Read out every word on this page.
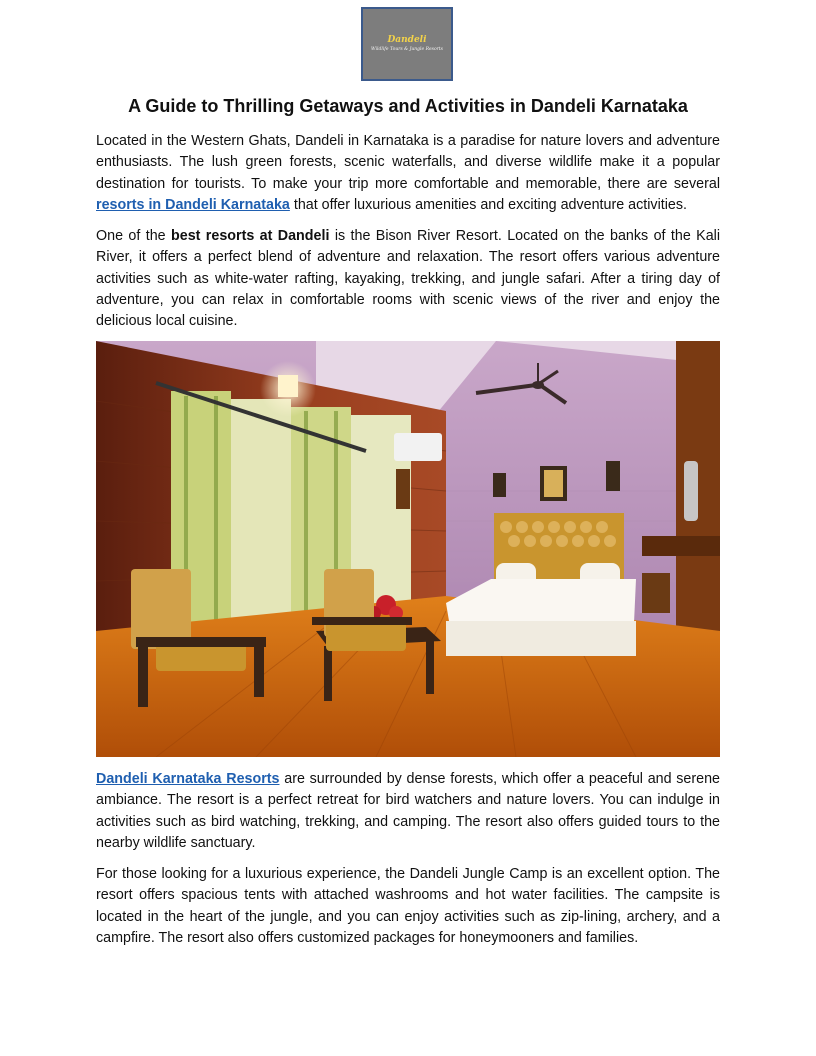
Dandeli
Wildlife Tours & Jungle Resorts
A Guide to Thrilling Getaways and Activities in Dandeli Karnataka

Located in the Western Ghats, Dandeli in Karnataka is a paradise for nature lovers and adventure enthusiasts. The lush green forests, scenic waterfalls, and diverse wildlife make it a popular destination for tourists. To make your trip more comfortable and memorable, there are several resorts in Dandeli Karnataka that offer luxurious amenities and exciting adventure activities.

One of the best resorts at Dandeli is the Bison River Resort. Located on the banks of the Kali River, it offers a perfect blend of adventure and relaxation. The resort offers various adventure activities such as white-water rafting, kayaking, trekking, and jungle safari. After a tiring day of adventure, you can relax in comfortable rooms with scenic views of the river and enjoy the delicious local cuisine.

Dandeli Karnataka Resorts are surrounded by dense forests, which offer a peaceful and serene ambiance. The resort is a perfect retreat for bird watchers and nature lovers. You can indulge in activities such as bird watching, trekking, and camping. The resort also offers guided tours to the nearby wildlife sanctuary.

For those looking for a luxurious experience, the Dandeli Jungle Camp is an excellent option. The resort offers spacious tents with attached washrooms and hot water facilities. The campsite is located in the heart of the jungle, and you can enjoy activities such as zip-lining, archery, and a campfire. The resort also offers customized packages for honeymooners and families.
